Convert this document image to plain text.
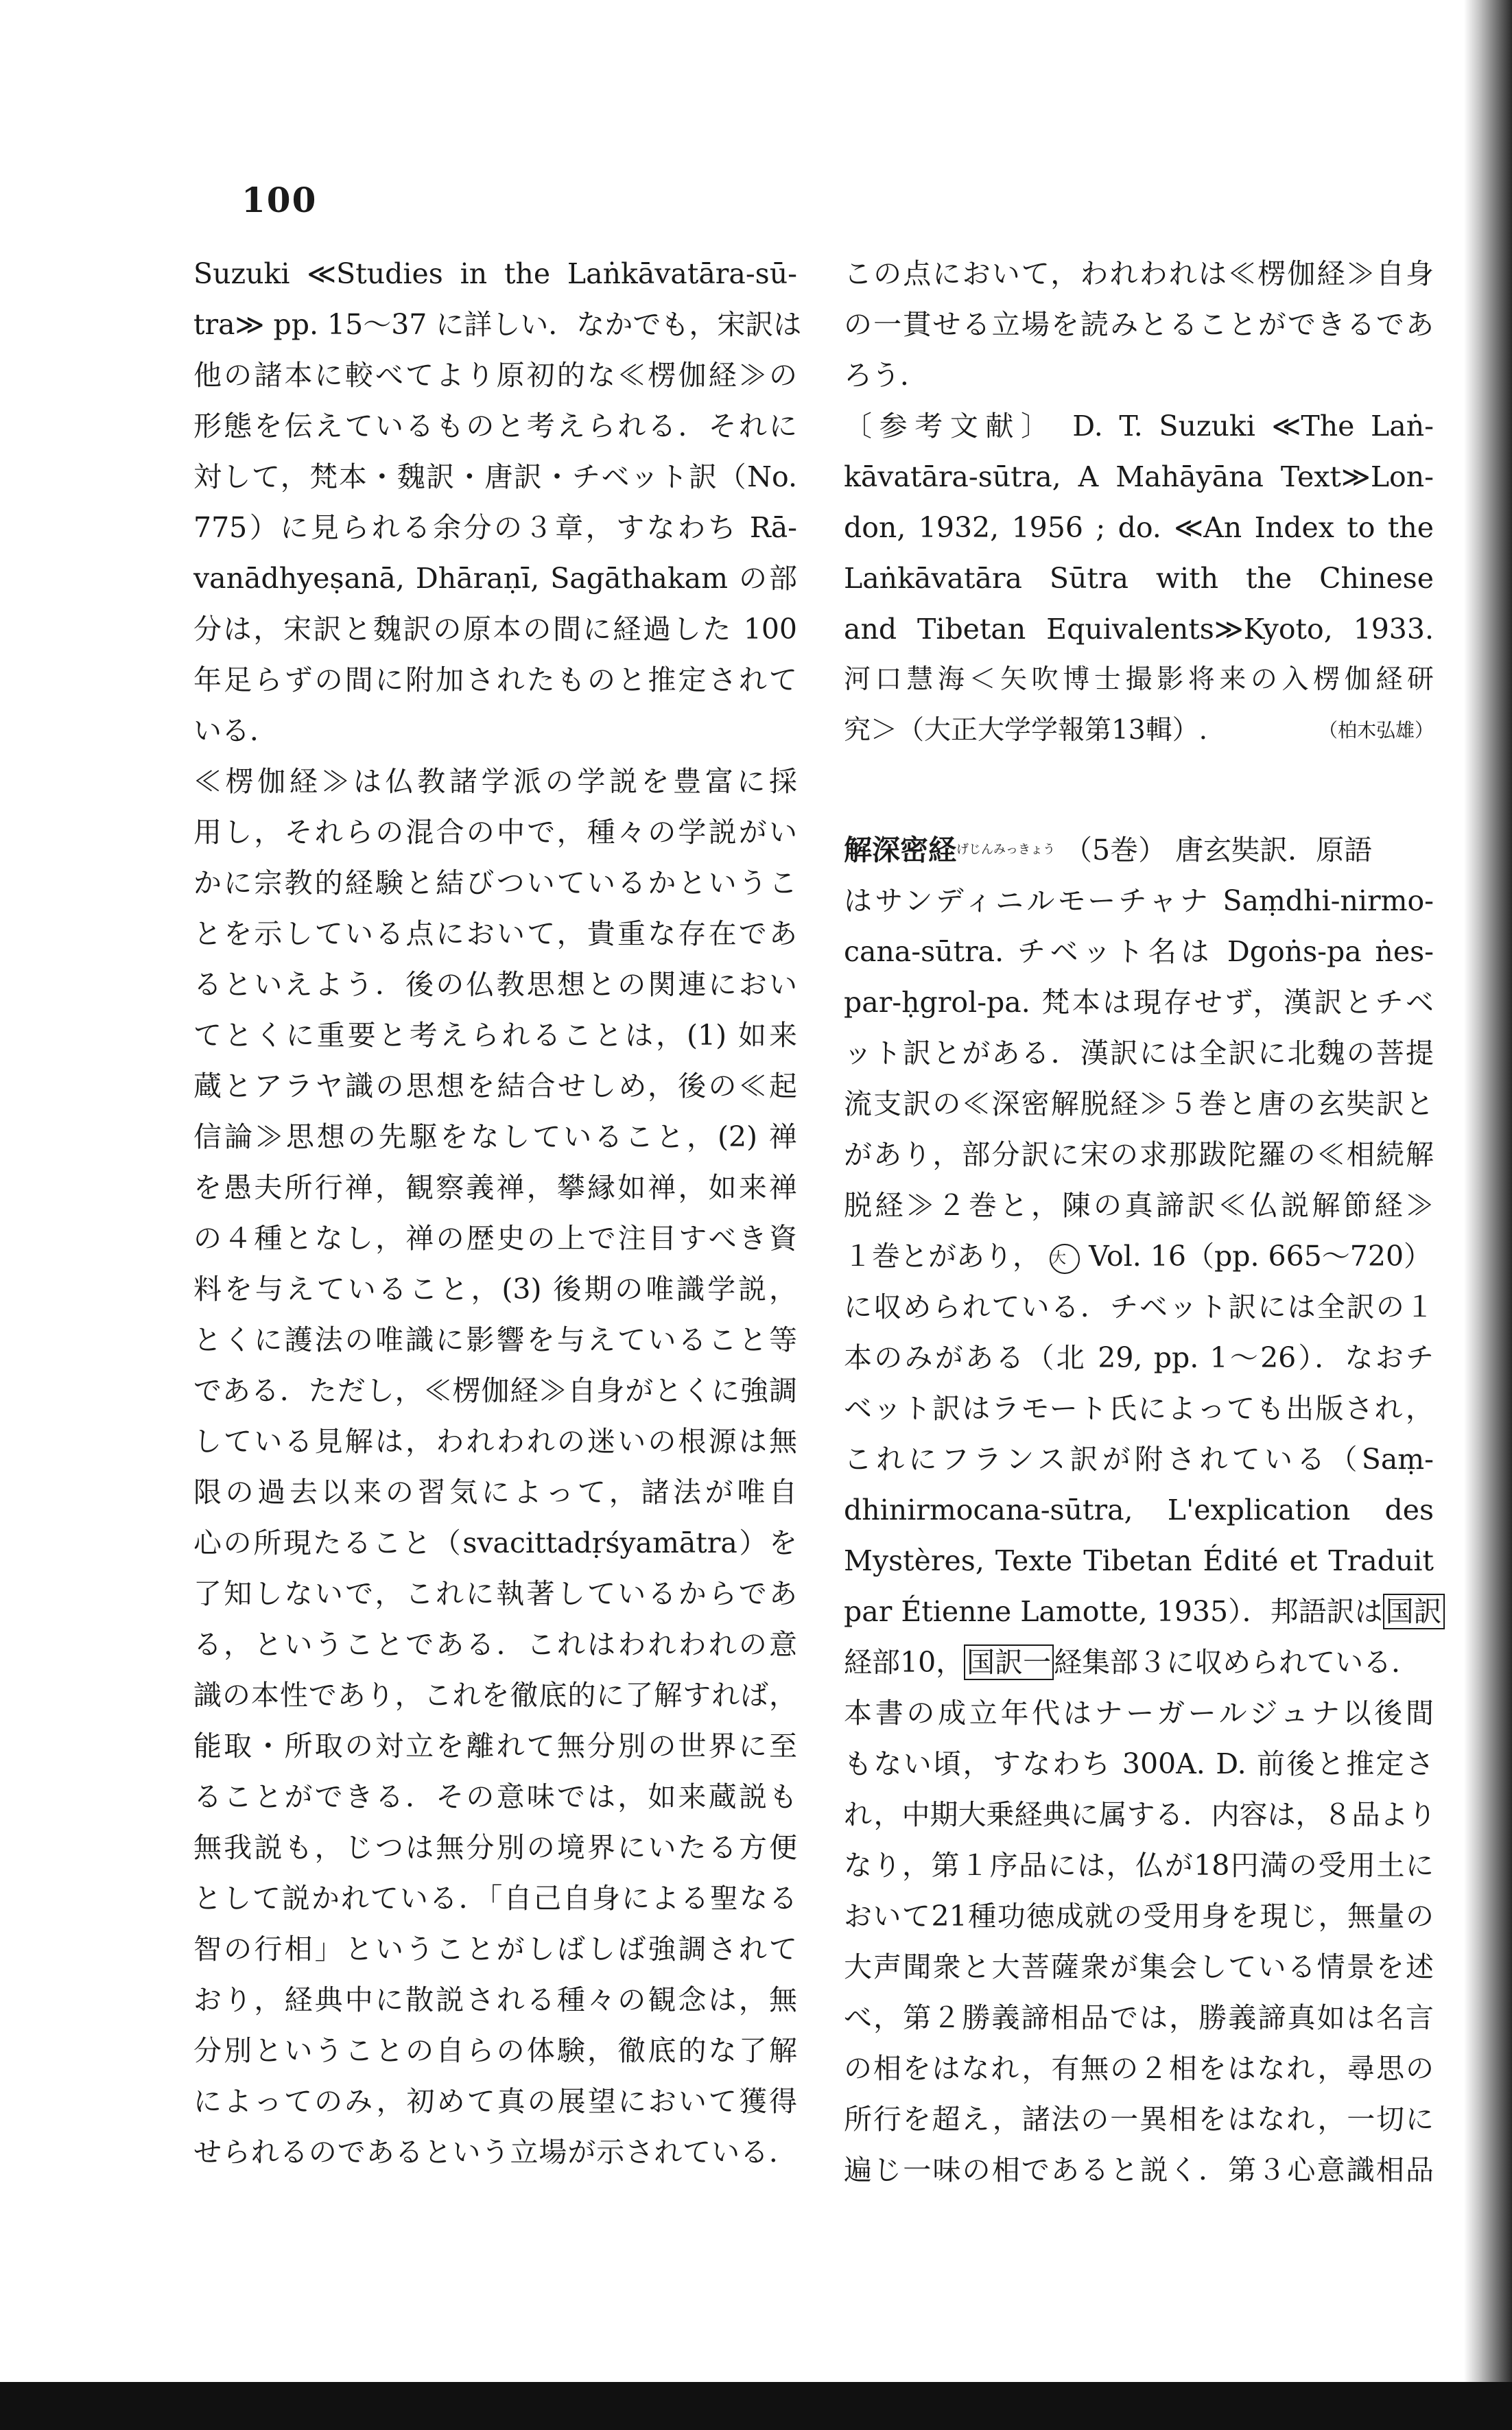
100
Suzuki ≪Studies in the Laṅkāvatāra-sū-
tra≫ pp. 15～37 に詳しい．なかでも，宋訳は
他の諸本に較べてより原初的な≪楞伽経≫の
形態を伝えているものと考えられる．それに
対して，梵本・魏訳・唐訳・チベット訳（No.
775）に見られる余分の３章，すなわち Rā-
vanādhyeṣanā, Dhāraṇī, Sagāthakam の部
分は，宋訳と魏訳の原本の間に経過した 100
年足らずの間に附加されたものと推定されて
いる．
≪楞伽経≫は仏教諸学派の学説を豊富に採
用し，それらの混合の中で，種々の学説がい
かに宗教的経験と結びついているかというこ
とを示している点において，貴重な存在であ
るといえよう．後の仏教思想との関連におい
てとくに重要と考えられることは，(1) 如来
蔵とアラヤ識の思想を結合せしめ，後の≪起
信論≫思想の先駆をなしていること，(2) 禅
を愚夫所行禅，観察義禅，攀縁如禅，如来禅
の４種となし，禅の歴史の上で注目すべき資
料を与えていること，(3) 後期の唯識学説，
とくに護法の唯識に影響を与えていること等
である．ただし，≪楞伽経≫自身がとくに強調
している見解は，われわれの迷いの根源は無
限の過去以来の習気によって，諸法が唯自
心の所現たること（svacittadṛśyamātra）を
了知しないで，これに執著しているからであ
る，ということである．これはわれわれの意
識の本性であり，これを徹底的に了解すれば，
能取・所取の対立を離れて無分別の世界に至
ることができる．その意味では，如来蔵説も
無我説も，じつは無分別の境界にいたる方便
として説かれている．「自己自身による聖なる
智の行相」ということがしばしば強調されて
おり，経典中に散説される種々の観念は，無
分別ということの自らの体験，徹底的な了解
によってのみ，初めて真の展望において獲得
せられるのであるという立場が示されている．
この点において，われわれは≪楞伽経≫自身
の一貫せる立場を読みとることができるであ
ろう．
〔参考文献〕 D. T. Suzuki ≪The Laṅ-
kāvatāra-sūtra, A Mahāyāna Text≫Lon-
don, 1932, 1956 ; do. ≪An Index to the
Laṅkāvatāra Sūtra with the Chinese
and Tibetan Equivalents≫Kyoto, 1933.
河口慧海＜矢吹博士撮影将来の入楞伽経研
究＞（大正大学学報第13輯）.	（柏木弘雄）
解深密経$^{げじんみっきょう}$ （5巻） 唐玄奘訳．原語
はサンディニルモーチャナ Saṃdhi-nirmo-
cana-sūtra. チベット名は Dgoṅs-pa ṅes-
par-ḥgrol-pa. 梵本は現存せず，漢訳とチベ
ット訳とがある．漢訳には全訳に北魏の菩提
流支訳の≪深密解脱経≫５巻と唐の玄奘訳と
があり，部分訳に宋の求那跋陀羅の≪相続解
脱経≫２巻と，陳の真諦訳≪仏説解節経≫
１巻とがあり， 大 Vol. 16（pp. 665～720）
に収められている．チベット訳には全訳の１
本のみがある（北 29, pp. 1～26）．なおチ
ベット訳はラモート氏によっても出版され，
これにフランス訳が附されている（Saṃ-
dhinirmocana-sūtra, L'explication des
Mystères, Texte Tibetan Édité et Traduit
par Étienne Lamotte, 1935）．邦語訳は国訳
経部10，国訳一経集部３に収められている．
本書の成立年代はナーガールジュナ以後間
もない頃，すなわち 300A. D. 前後と推定さ
れ，中期大乗経典に属する．内容は，８品より
なり，第１序品には，仏が18円満の受用土に
おいて21種功徳成就の受用身を現じ，無量の
大声聞衆と大菩薩衆が集会している情景を述
べ，第２勝義諦相品では，勝義諦真如は名言
の相をはなれ，有無の２相をはなれ，尋思の
所行を超え，諸法の一異相をはなれ，一切に
遍じ一味の相であると説く．第３心意識相品
